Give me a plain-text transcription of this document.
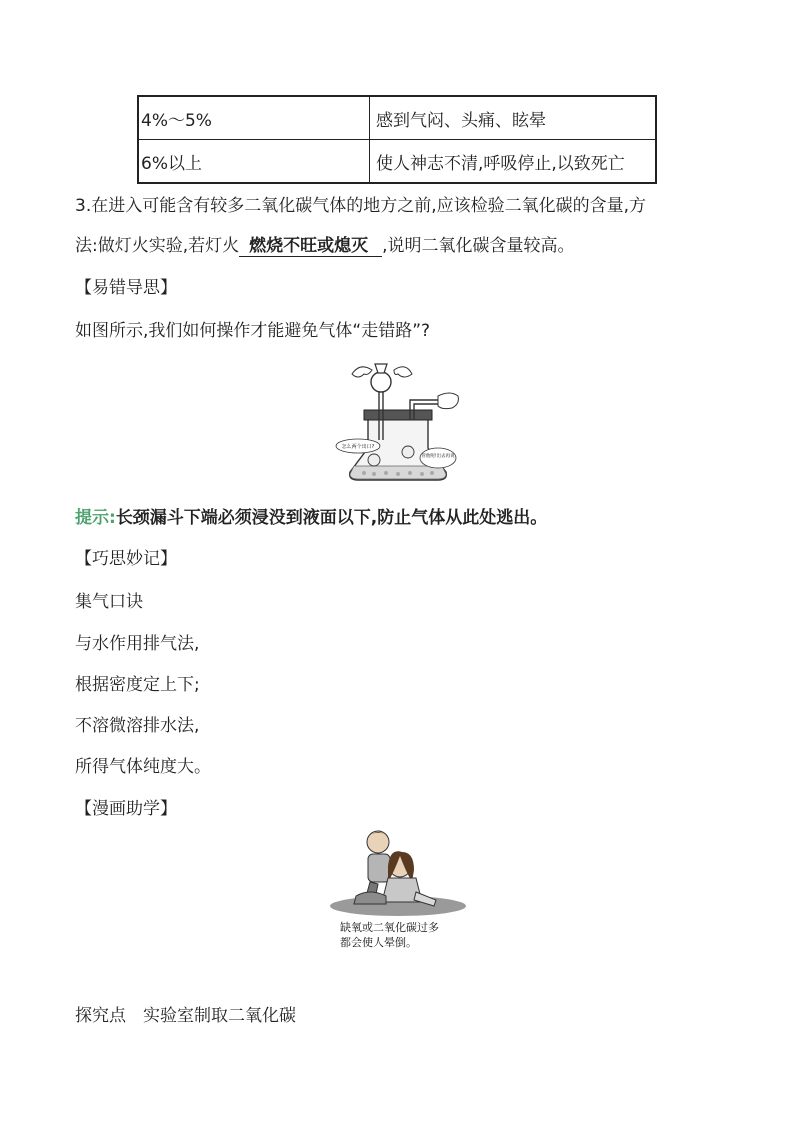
4%～5%	感到气闷、头痛、眩晕
6%以上	使人神志不清,呼吸停止,以致死亡
3.在进入可能含有较多二氧化碳气体的地方之前,应该检验二氧化碳的含量,方
法:做灯火实验,若灯火 燃烧不旺或熄灭 ,说明二氧化碳含量较高。
【易错导思】
如图所示,我们如何操作才能避免气体“走错路”?
怎么两个出口?
管他呢!出去再说
提示:长颈漏斗下端必须浸没到液面以下,防止气体从此处逃出。
【巧思妙记】
集气口诀
与水作用排气法,
根据密度定上下;
不溶微溶排水法,
所得气体纯度大。
【漫画助学】
缺氧或二氧化碳过多
都会使人晕倒。
探究点 实验室制取二氧化碳
